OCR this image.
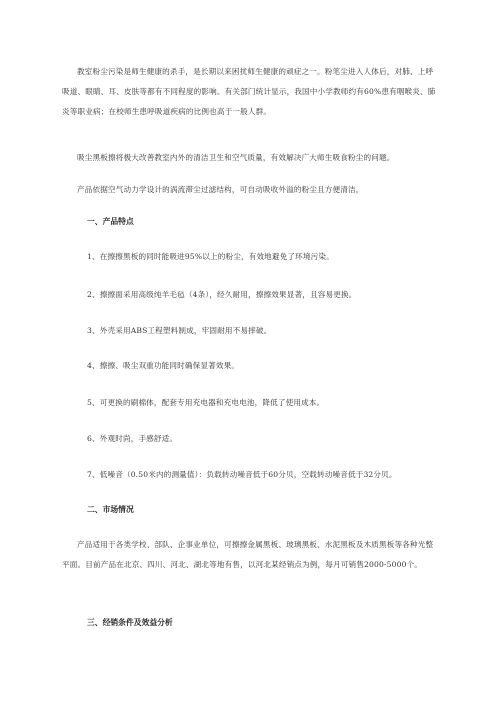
教室粉尘污染是师生健康的杀手，是长期以来困扰师生健康的顽症之一。粉笔尘进入人体后，对肺、上呼吸道、眼睛、耳、皮肤等都有不同程度的影响。有关部门统计显示，我国中小学教师约有60%患有咽喉炎、肺炎等职业病；在校师生患呼吸道疾病的比例也高于一般人群。

吸尘黑板擦将极大改善教室内外的清洁卫生和空气质量，有效解决广大师生吸食粉尘的问题。

产品依据空气动力学设计的涡流滞尘过滤结构，可自动吸收外溢的粉尘且方便清洁。

一、产品特点
1、在擦擦黑板的同时能吸进95%以上的粉尘，有效地避免了环境污染。
2、擦擦面采用高级纯羊毛毡（4条），经久耐用，擦擦效果显著，且容易更换。
3、外壳采用ABS工程塑料制成，牢固耐用不易摔破。
4、擦擦、吸尘双重功能同时确保显著效果。
5、可更换的刷棉体，配套专用充电器和充电电池，降低了使用成本。
6、外观时尚，手感舒适。
7、低噪音（0.50米内的测量值）：负载转动噪音低于60分贝，空载转动噪音低于32分贝。
二、市场情况

产品适用于各类学校、部队、企事业单位，可擦擦金属黑板、玻璃黑板、水泥黑板及木质黑板等各种光整平面。目前产品在北京、四川、河北、湖北等地有售，以河北某经销点为例，每月可销售2000-5000个。

三、经销条件及效益分析
